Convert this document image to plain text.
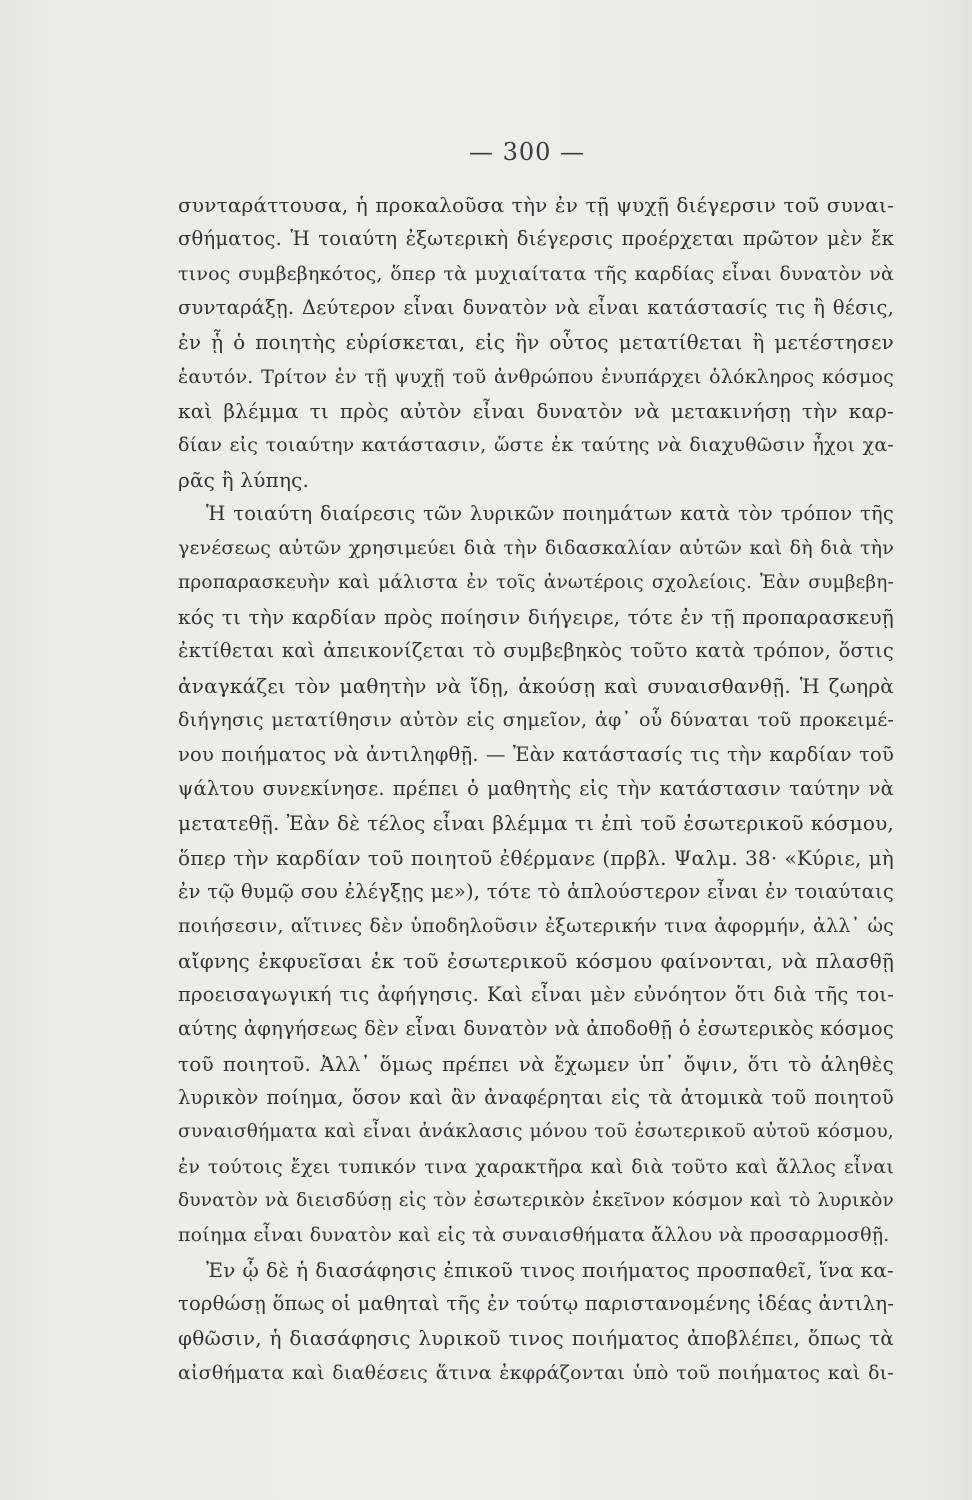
— 300 —
συνταράττουσα, ἡ προκαλοῦσα τὴν ἐν τῇ ψυχῇ διέγερσιν τοῦ συναι-
σθήματος. Ἡ τοιαύτη ἐξωτερικὴ διέγερσις προέρχεται πρῶτον μὲν ἔκ
τινος συμβεβηκότος, ὅπερ τὰ μυχιαίτατα τῆς καρδίας εἶναι δυνατὸν νὰ
συνταράξῃ. Δεύτερον εἶναι δυνατὸν νὰ εἶναι κατάστασίς τις ἢ θέσις,
ἐν ᾗ ὁ ποιητὴς εὑρίσκεται, εἰς ἣν οὗτος μετατίθεται ἢ μετέστησεν
ἑαυτόν. Τρίτον ἐν τῇ ψυχῇ τοῦ ἀνθρώπου ἐνυπάρχει ὁλόκληρος κόσμος
καὶ βλέμμα τι πρὸς αὐτὸν εἶναι δυνατὸν νὰ μετακινήσῃ τὴν καρ-
δίαν εἰς τοιαύτην κατάστασιν, ὥστε ἐκ ταύτης νὰ διαχυθῶσιν ἦχοι χα-
ρᾶς ἢ λύπης.
Ἡ τοιαύτη διαίρεσις τῶν λυρικῶν ποιημάτων κατὰ τὸν τρόπον τῆς
γενέσεως αὐτῶν χρησιμεύει διὰ τὴν διδασκαλίαν αὐτῶν καὶ δὴ διὰ τὴν
προπαρασκευὴν καὶ μάλιστα ἐν τοῖς ἀνωτέροις σχολείοις. Ἐὰν συμβεβη-
κός τι τὴν καρδίαν πρὸς ποίησιν διήγειρε, τότε ἐν τῇ προπαρασκευῇ
ἐκτίθεται καὶ ἀπεικονίζεται τὸ συμβεβηκὸς τοῦτο κατὰ τρόπον, ὅστις
ἀναγκάζει τὸν μαθητὴν νὰ ἴδῃ, ἀκούσῃ καὶ συναισθανθῇ. Ἡ ζωηρὰ
διήγησις μετατίθησιν αὐτὸν εἰς σημεῖον, ἀφ᾽ οὗ δύναται τοῦ προκειμέ-
νου ποιήματος νὰ ἀντιληφθῇ. — Ἐὰν κατάστασίς τις τὴν καρδίαν τοῦ
ψάλτου συνεκίνησε. πρέπει ὁ μαθητὴς εἰς τὴν κατάστασιν ταύτην νὰ
μετατεθῇ. Ἐὰν δὲ τέλος εἶναι βλέμμα τι ἐπὶ τοῦ ἐσωτερικοῦ κόσμου,
ὅπερ τὴν καρδίαν τοῦ ποιητοῦ ἐθέρμανε (πρβλ. Ψαλμ. 38· «Κύριε, μὴ
ἐν τῷ θυμῷ σου ἐλέγξῃς με»), τότε τὸ ἁπλούστερον εἶναι ἐν τοιαύταις
ποιήσεσιν, αἵτινες δὲν ὑποδηλοῦσιν ἐξωτερικήν τινα ἀφορμήν, ἀλλ᾽ ὡς
αἴφνης ἐκφυεῖσαι ἐκ τοῦ ἐσωτερικοῦ κόσμου φαίνονται, νὰ πλασθῇ
προεισαγωγική τις ἀφήγησις. Καὶ εἶναι μὲν εὐνόητον ὅτι διὰ τῆς τοι-
αύτης ἀφηγήσεως δὲν εἶναι δυνατὸν νὰ ἀποδοθῇ ὁ ἐσωτερικὸς κόσμος
τοῦ ποιητοῦ. Ἀλλ᾽ ὅμως πρέπει νὰ ἔχωμεν ὑπ᾽ ὄψιν, ὅτι τὸ ἀληθὲς
λυρικὸν ποίημα, ὅσον καὶ ἂν ἀναφέρηται εἰς τὰ ἀτομικὰ τοῦ ποιητοῦ
συναισθήματα καὶ εἶναι ἀνάκλασις μόνου τοῦ ἐσωτερικοῦ αὐτοῦ κόσμου,
ἐν τούτοις ἔχει τυπικόν τινα χαρακτῆρα καὶ διὰ τοῦτο καὶ ἄλλος εἶναι
δυνατὸν νὰ διεισδύσῃ εἰς τὸν ἐσωτερικὸν ἐκεῖνον κόσμον καὶ τὸ λυρικὸν
ποίημα εἶναι δυνατὸν καὶ εἰς τὰ συναισθήματα ἄλλου νὰ προσαρμοσθῇ.
Ἐν ᾧ δὲ ἡ διασάφησις ἐπικοῦ τινος ποιήματος προσπαθεῖ, ἵνα κα-
τορθώσῃ ὅπως οἱ μαθηταὶ τῆς ἐν τούτῳ παριστανομένης ἰδέας ἀντιλη-
φθῶσιν, ἡ διασάφησις λυρικοῦ τινος ποιήματος ἀποβλέπει, ὅπως τὰ
αἰσθήματα καὶ διαθέσεις ἅτινα ἐκφράζονται ὑπὸ τοῦ ποιήματος καὶ δι-
